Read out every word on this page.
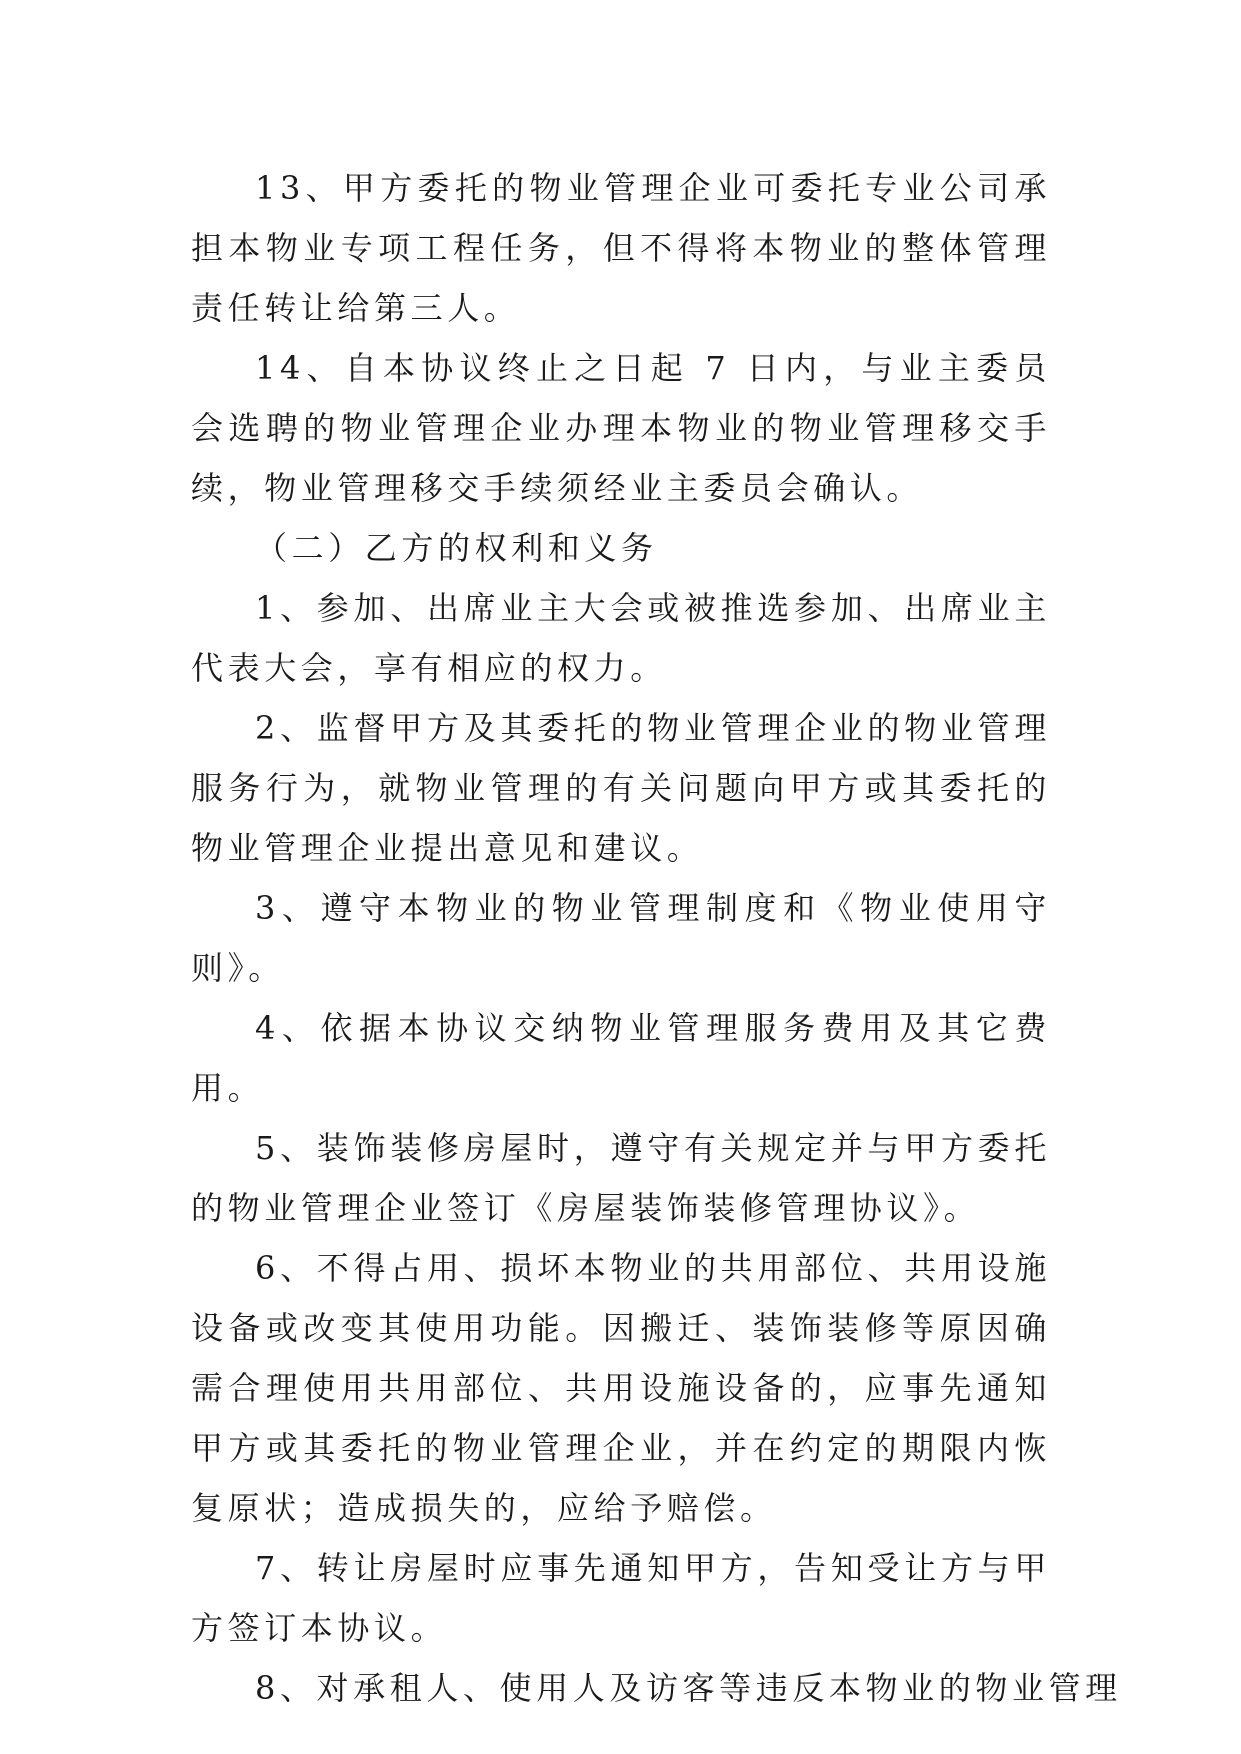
13、甲方委托的物业管理企业可委托专业公司承担本物业专项工程任务，但不得将本物业的整体管理责任转让给第三人。

14、自本协议终止之日起 7 日内，与业主委员会选聘的物业管理企业办理本物业的物业管理移交手续，物业管理移交手续须经业主委员会确认。

（二）乙方的权利和义务

1、参加、出席业主大会或被推选参加、出席业主代表大会，享有相应的权力。

2、监督甲方及其委托的物业管理企业的物业管理服务行为，就物业管理的有关问题向甲方或其委托的物业管理企业提出意见和建议。

3、遵守本物业的物业管理制度和《物业使用守则》。

4、依据本协议交纳物业管理服务费用及其它费用。

5、装饰装修房屋时，遵守有关规定并与甲方委托的物业管理企业签订《房屋装饰装修管理协议》。

6、不得占用、损坏本物业的共用部位、共用设施设备或改变其使用功能。因搬迁、装饰装修等原因确需合理使用共用部位、共用设施设备的，应事先通知甲方或其委托的物业管理企业，并在约定的期限内恢复原状；造成损失的，应给予赔偿。

7、转让房屋时应事先通知甲方，告知受让方与甲方签订本协议。

8、对承租人、使用人及访客等违反本物业的物业管理
